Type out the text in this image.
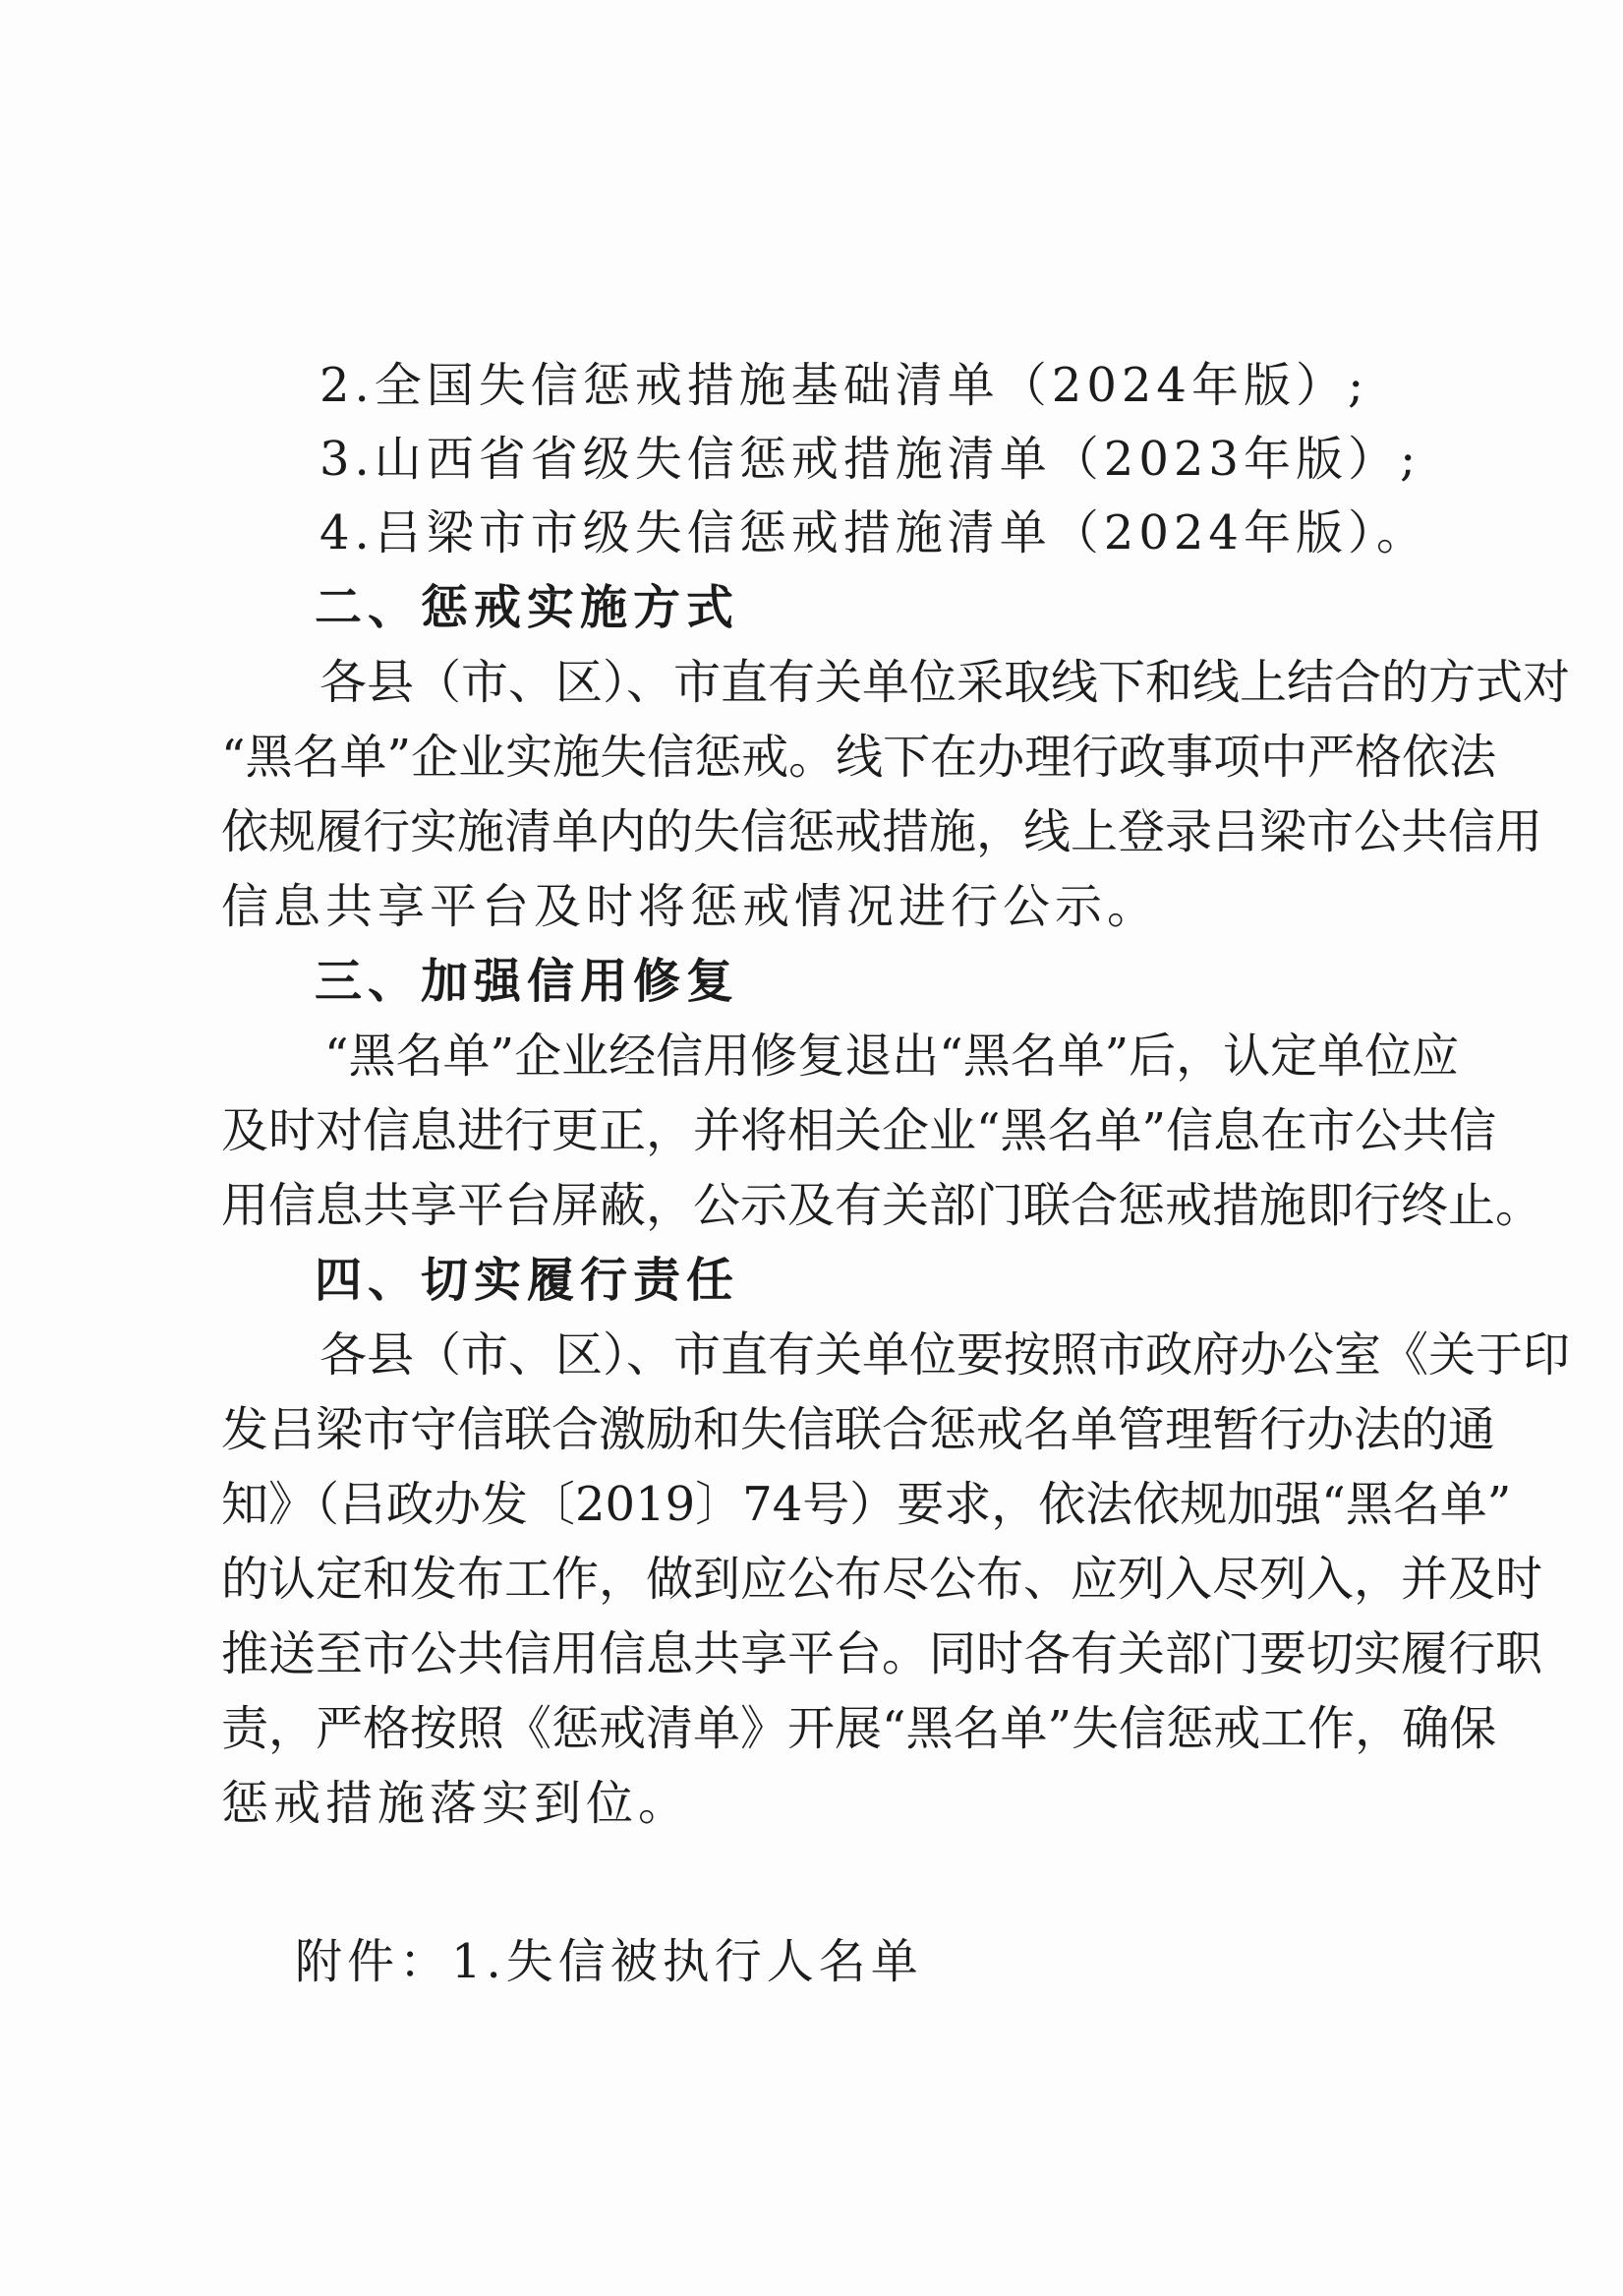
2.全国失信惩戒措施基础清单（2024年版）;
3.山西省省级失信惩戒措施清单（2023年版）;
4.吕梁市市级失信惩戒措施清单（2024年版）。
二、惩戒实施方式
各县（市、区）、市直有关单位采取线下和线上结合的方式对
“黑名单”企业实施失信惩戒。线下在办理行政事项中严格依法
依规履行实施清单内的失信惩戒措施，线上登录吕梁市公共信用
信息共享平台及时将惩戒情况进行公示。
三、加强信用修复
“黑名单”企业经信用修复退出“黑名单”后，认定单位应
及时对信息进行更正，并将相关企业“黑名单”信息在市公共信
用信息共享平台屏蔽，公示及有关部门联合惩戒措施即行终止。
四、切实履行责任
各县（市、区）、市直有关单位要按照市政府办公室《关于印
发吕梁市守信联合激励和失信联合惩戒名单管理暂行办法的通
知》（吕政办发〔2019〕74号）要求，依法依规加强“黑名单”
的认定和发布工作，做到应公布尽公布、应列入尽列入，并及时
推送至市公共信用信息共享平台。同时各有关部门要切实履行职
责，严格按照《惩戒清单》开展“黑名单”失信惩戒工作，确保
惩戒措施落实到位。
附件：1.失信被执行人名单
